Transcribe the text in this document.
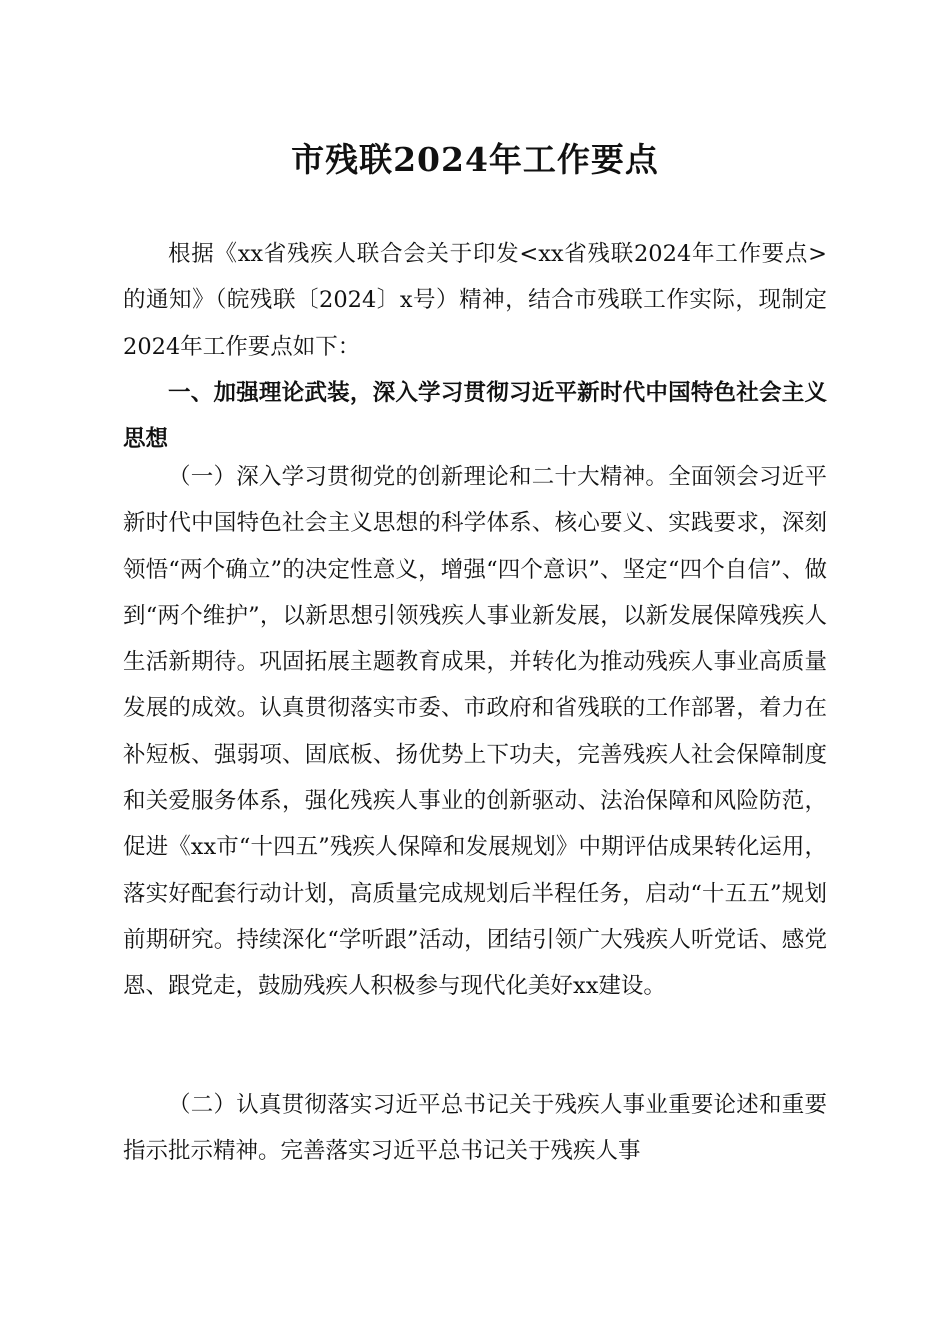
市残联2024年工作要点

根据《xx省残疾人联合会关于印发<xx省残联2024年工作要点>的通知》（皖残联〔2024〕x号）精神，结合市残联工作实际，现制定2024年工作要点如下：

一、加强理论武装，深入学习贯彻习近平新时代中国特色社会主义思想

（一）深入学习贯彻党的创新理论和二十大精神。全面领会习近平新时代中国特色社会主义思想的科学体系、核心要义、实践要求，深刻领悟“两个确立”的决定性意义，增强“四个意识”、坚定“四个自信”、做到“两个维护”，以新思想引领残疾人事业新发展，以新发展保障残疾人生活新期待。巩固拓展主题教育成果，并转化为推动残疾人事业高质量发展的成效。认真贯彻落实市委、市政府和省残联的工作部署，着力在补短板、强弱项、固底板、扬优势上下功夫，完善残疾人社会保障制度和关爱服务体系，强化残疾人事业的创新驱动、法治保障和风险防范，促进《xx市“十四五”残疾人保障和发展规划》中期评估成果转化运用，落实好配套行动计划，高质量完成规划后半程任务，启动“十五五”规划前期研究。持续深化“学听跟”活动，团结引领广大残疾人听党话、感党恩、跟党走，鼓励残疾人积极参与现代化美好xx建设。

（二）认真贯彻落实习近平总书记关于残疾人事业重要论述和重要指示批示精神。完善落实习近平总书记关于残疾人事
